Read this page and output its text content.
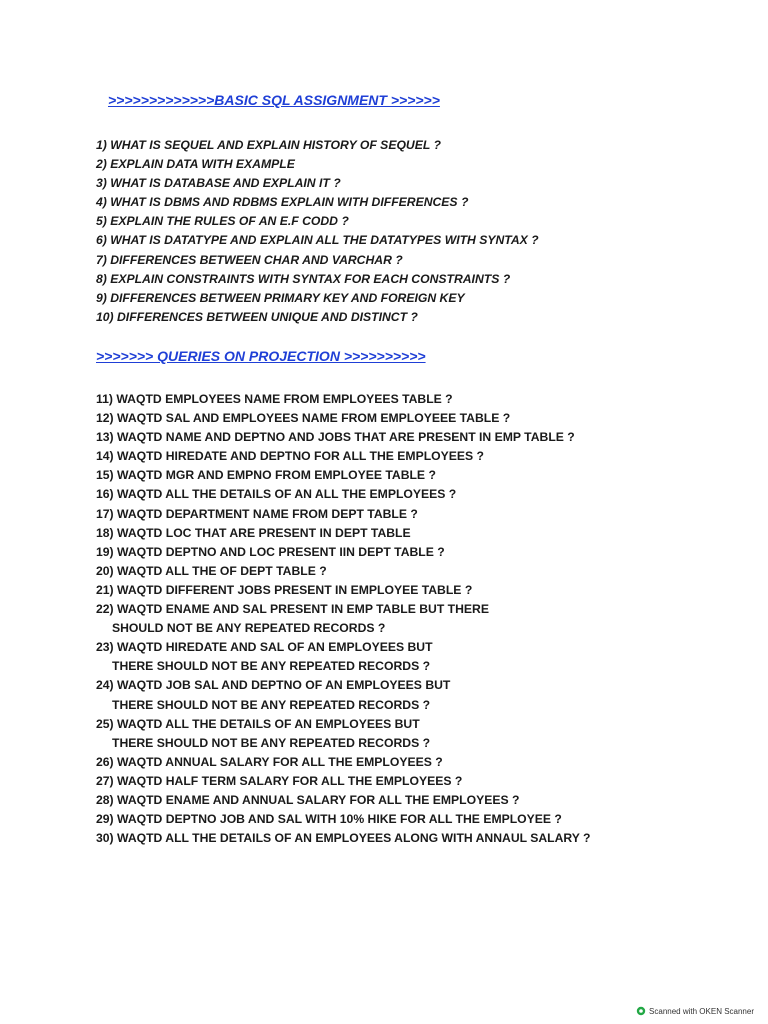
>>>>>>>>>>>>>BASIC SQL ASSIGNMENT >>>>>>
1) WHAT IS SEQUEL AND EXPLAIN HISTORY OF SEQUEL ?
2) EXPLAIN DATA WITH EXAMPLE
3) WHAT IS DATABASE AND EXPLAIN IT ?
4) WHAT IS DBMS AND RDBMS EXPLAIN WITH DIFFERENCES ?
5) EXPLAIN THE RULES OF AN E.F CODD ?
6) WHAT IS DATATYPE AND EXPLAIN ALL THE DATATYPES WITH SYNTAX ?
7) DIFFERENCES BETWEEN CHAR AND VARCHAR ?
8) EXPLAIN CONSTRAINTS WITH SYNTAX FOR EACH CONSTRAINTS ?
9) DIFFERENCES BETWEEN PRIMARY KEY AND FOREIGN KEY
10) DIFFERENCES BETWEEN UNIQUE AND DISTINCT ?
>>>>>>> QUERIES ON PROJECTION >>>>>>>>>>
11) WAQTD EMPLOYEES NAME FROM EMPLOYEES TABLE ?
12) WAQTD SAL AND EMPLOYEES NAME FROM EMPLOYEEE TABLE ?
13) WAQTD NAME AND DEPTNO AND JOBS THAT ARE PRESENT IN EMP TABLE ?
14) WAQTD HIREDATE AND DEPTNO FOR ALL THE EMPLOYEES ?
15) WAQTD MGR AND EMPNO FROM EMPLOYEE TABLE ?
16) WAQTD ALL THE DETAILS OF AN ALL THE EMPLOYEES ?
17) WAQTD DEPARTMENT NAME FROM DEPT TABLE ?
18) WAQTD LOC THAT ARE PRESENT IN DEPT TABLE
19) WAQTD DEPTNO AND LOC PRESENT IIN DEPT TABLE ?
20) WAQTD ALL THE OF DEPT TABLE ?
21) WAQTD DIFFERENT JOBS PRESENT IN EMPLOYEE TABLE ?
22) WAQTD ENAME AND SAL PRESENT IN EMP TABLE BUT THERE
SHOULD NOT BE ANY REPEATED RECORDS ?
23) WAQTD HIREDATE AND SAL OF AN EMPLOYEES BUT
THERE SHOULD NOT BE ANY REPEATED RECORDS ?
24) WAQTD JOB SAL AND DEPTNO OF AN EMPLOYEES BUT
THERE SHOULD NOT BE ANY REPEATED RECORDS ?
25) WAQTD ALL THE DETAILS OF AN EMPLOYEES BUT
THERE SHOULD NOT BE ANY REPEATED RECORDS ?
26) WAQTD ANNUAL SALARY FOR ALL THE EMPLOYEES ?
27) WAQTD HALF TERM SALARY FOR ALL THE EMPLOYEES ?
28) WAQTD ENAME AND ANNUAL SALARY FOR ALL THE EMPLOYEES ?
29) WAQTD DEPTNO JOB AND SAL WITH 10% HIKE FOR ALL THE EMPLOYEE ?
30) WAQTD ALL THE DETAILS OF AN EMPLOYEES ALONG WITH ANNAUL SALARY ?
Scanned with OKEN Scanner
